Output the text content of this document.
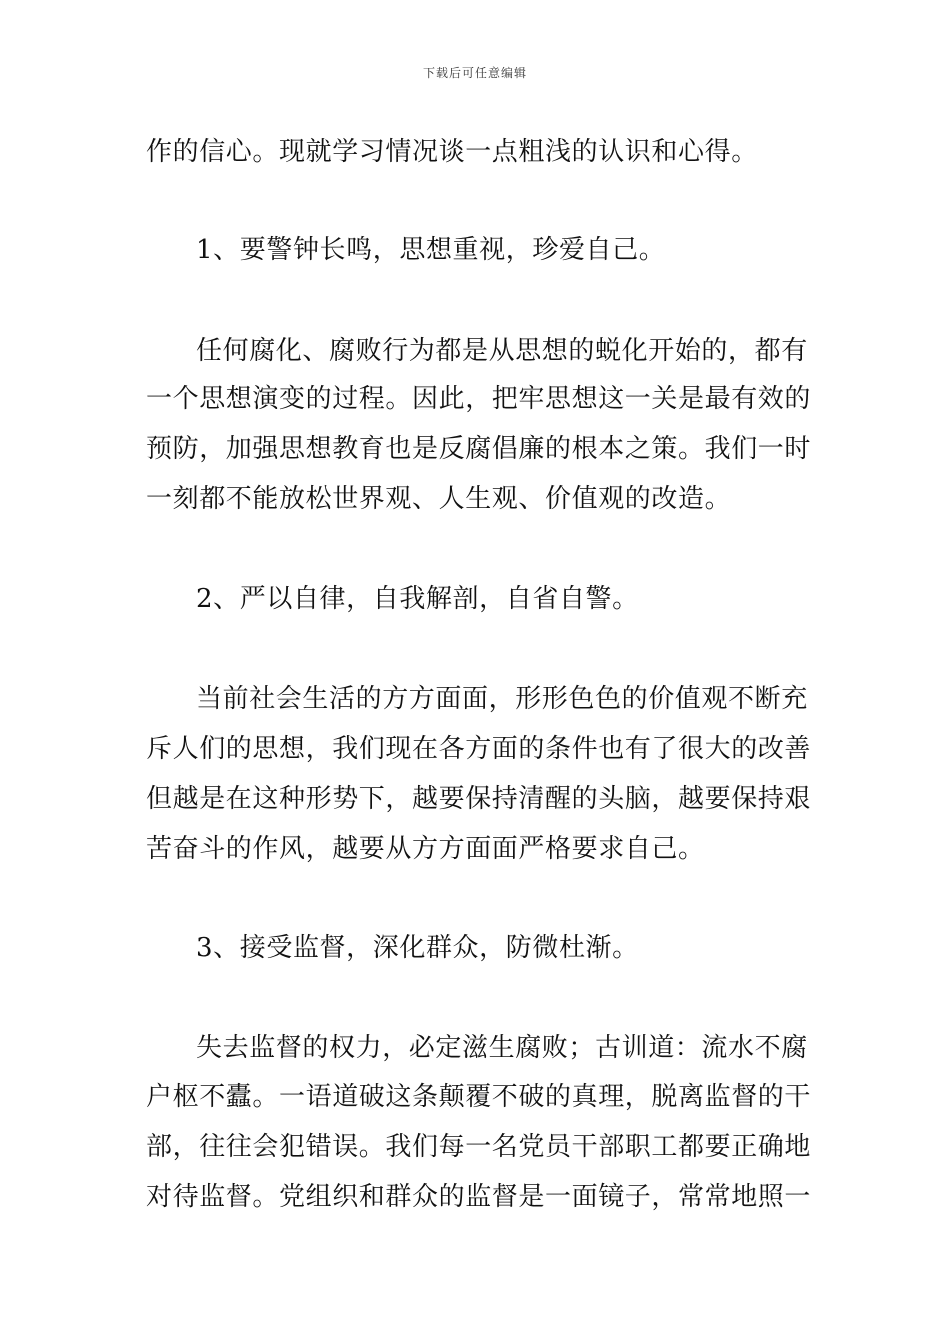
下载后可任意编辑
作的信心。现就学习情况谈一点粗浅的认识和心得。
1、要警钟长鸣，思想重视，珍爱自己。
任何腐化、腐败行为都是从思想的蜕化开始的，都有
一个思想演变的过程。因此，把牢思想这一关是最有效的
预防，加强思想教育也是反腐倡廉的根本之策。我们一时
一刻都不能放松世界观、人生观、价值观的改造。
2、严以自律，自我解剖，自省自警。
当前社会生活的方方面面，形形色色的价值观不断充
斥人们的思想，我们现在各方面的条件也有了很大的改善
但越是在这种形势下，越要保持清醒的头脑，越要保持艰
苦奋斗的作风，越要从方方面面严格要求自己。
3、接受监督，深化群众，防微杜渐。
失去监督的权力，必定滋生腐败；古训道：流水不腐
户枢不蠹。一语道破这条颠覆不破的真理，脱离监督的干
部，往往会犯错误。我们每一名党员干部职工都要正确地
对待监督。党组织和群众的监督是一面镜子，常常地照一
